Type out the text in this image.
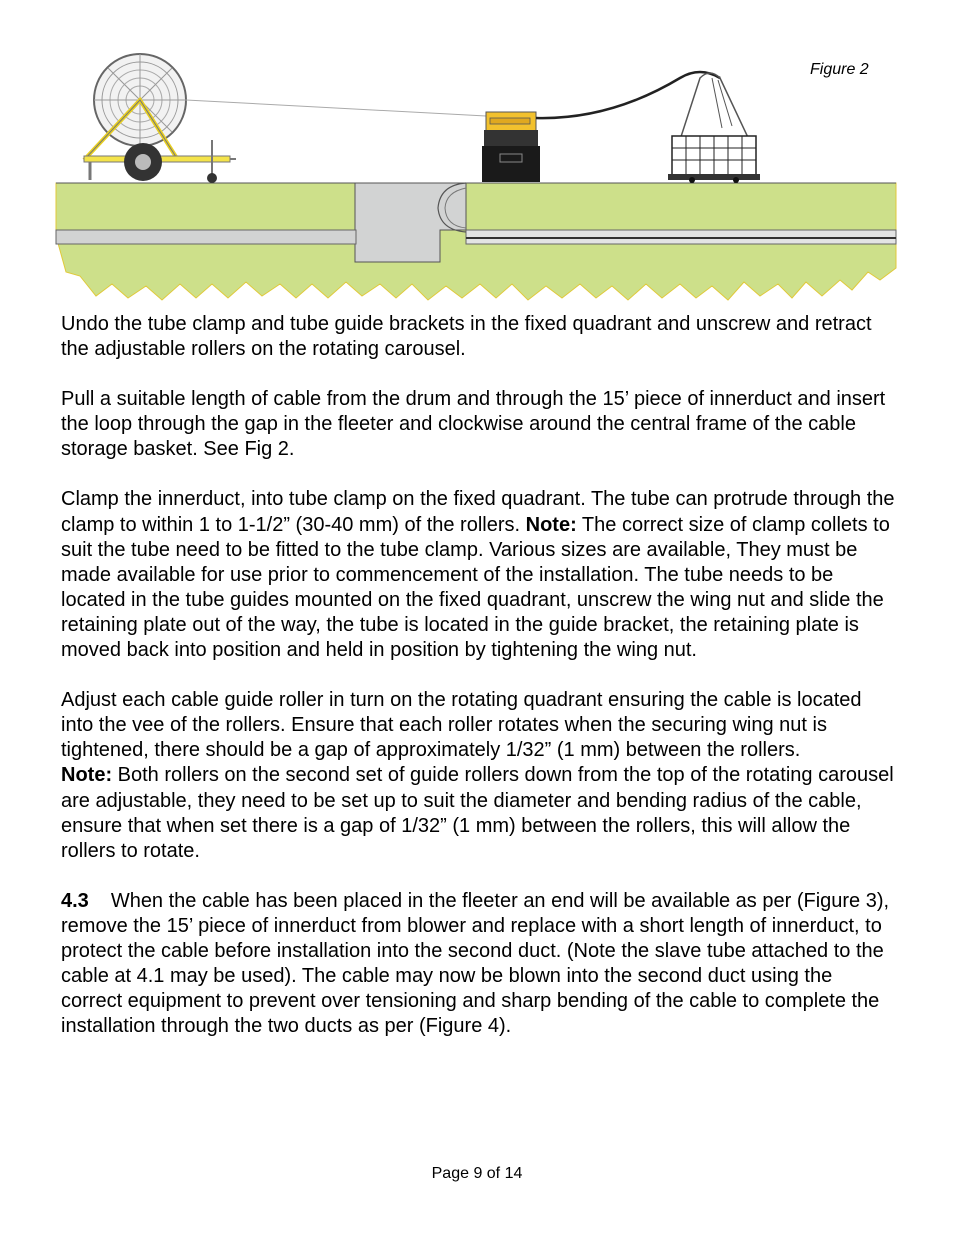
Figure 2

Undo the tube clamp and tube guide brackets in the fixed quadrant and unscrew and retract the adjustable rollers on the rotating carousel.

Pull a suitable length of cable from the drum and through the 15’ piece of innerduct and insert the loop through the gap in the fleeter and clockwise around the central frame of the cable storage basket. See Fig 2.

Clamp the innerduct, into tube clamp on the fixed quadrant. The tube can protrude through the clamp to within 1 to 1-1/2” (30-40 mm) of the rollers. Note: The correct size of clamp collets to suit the tube need to be fitted to the tube clamp. Various sizes are available, They must be made available for use prior to commencement of the installation. The tube needs to be located in the tube guides mounted on the fixed quadrant, unscrew the wing nut and slide the retaining plate out of the way, the tube is located in the guide bracket, the retaining plate is moved back into position and held in position by tightening the wing nut.

Adjust each cable guide roller in turn on the rotating quadrant ensuring the cable is located into the vee of the rollers. Ensure that each roller rotates when the securing wing nut is tightened, there should be a gap of approximately 1/32” (1 mm) between the rollers.

Note: Both rollers on the second set of guide rollers down from the top of the rotating carousel are adjustable, they need to be set up to suit the diameter and bending radius of the cable, ensure that when set there is a gap of 1/32” (1 mm) between the rollers, this will allow the rollers to rotate.

4.3 When the cable has been placed in the fleeter an end will be available as per (Figure 3), remove the 15’ piece of innerduct from blower and replace with a short length of innerduct, to protect the cable before installation into the second duct. (Note the slave tube attached to the cable at 4.1 may be used). The cable may now be blown into the second duct using the correct equipment to prevent over tensioning and sharp bending of the cable to complete the installation through the two ducts as per (Figure 4).

Page 9 of 14
